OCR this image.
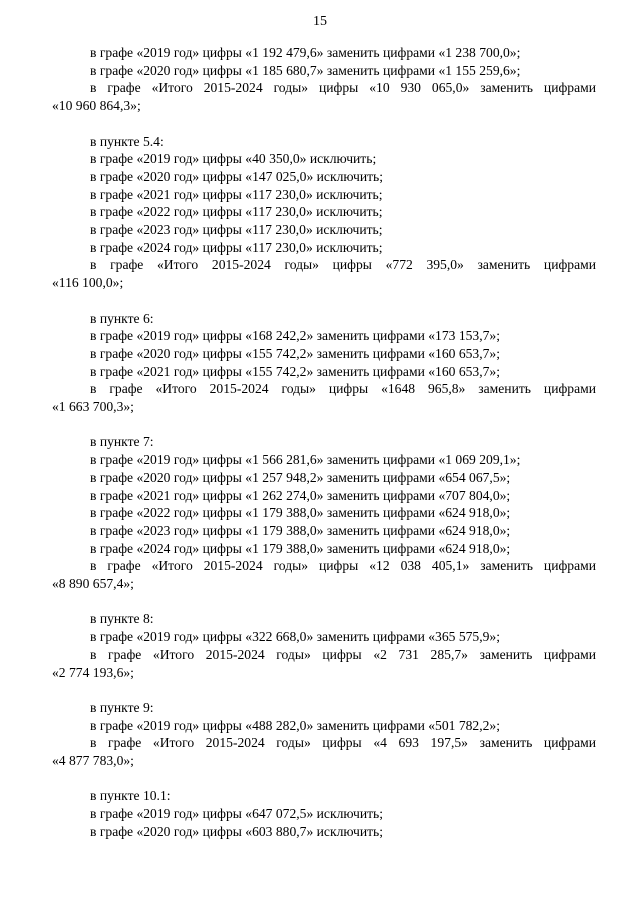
15
в графе «2019 год» цифры «1 192 479,6» заменить цифрами «1 238 700,0»;
в графе «2020 год» цифры «1 185 680,7» заменить цифрами «1 155 259,6»;
в графе «Итого 2015-2024 годы» цифры «10 930 065,0» заменить цифрами
«10 960 864,3»;
в пункте 5.4:
в графе «2019 год» цифры «40 350,0» исключить;
в графе «2020 год» цифры «147 025,0» исключить;
в графе «2021 год» цифры «117 230,0» исключить;
в графе «2022 год» цифры «117 230,0» исключить;
в графе «2023 год» цифры «117 230,0» исключить;
в графе «2024 год» цифры «117 230,0» исключить;
в графе «Итого 2015-2024 годы» цифры «772 395,0» заменить цифрами
«116 100,0»;
в пункте 6:
в графе «2019 год» цифры «168 242,2» заменить цифрами «173 153,7»;
в графе «2020 год» цифры «155 742,2» заменить цифрами «160 653,7»;
в графе «2021 год» цифры «155 742,2» заменить цифрами «160 653,7»;
в графе «Итого 2015-2024 годы» цифры «1648 965,8» заменить цифрами
«1 663 700,3»;
в пункте 7:
в графе «2019 год» цифры «1 566 281,6» заменить цифрами «1 069 209,1»;
в графе «2020 год» цифры «1 257 948,2» заменить цифрами «654 067,5»;
в графе «2021 год» цифры «1 262 274,0» заменить цифрами «707 804,0»;
в графе «2022 год» цифры «1 179 388,0» заменить цифрами «624 918,0»;
в графе «2023 год» цифры «1 179 388,0» заменить цифрами «624 918,0»;
в графе «2024 год» цифры «1 179 388,0» заменить цифрами «624 918,0»;
в графе «Итого 2015-2024 годы» цифры «12 038 405,1» заменить цифрами
«8 890 657,4»;
в пункте 8:
в графе «2019 год» цифры «322 668,0» заменить цифрами «365 575,9»;
в графе «Итого 2015-2024 годы» цифры «2 731 285,7» заменить цифрами
«2 774 193,6»;
в пункте 9:
в графе «2019 год» цифры «488 282,0» заменить цифрами «501 782,2»;
в графе «Итого 2015-2024 годы» цифры «4 693 197,5» заменить цифрами
«4 877 783,0»;
в пункте 10.1:
в графе «2019 год» цифры «647 072,5» исключить;
в графе «2020 год» цифры «603 880,7» исключить;
